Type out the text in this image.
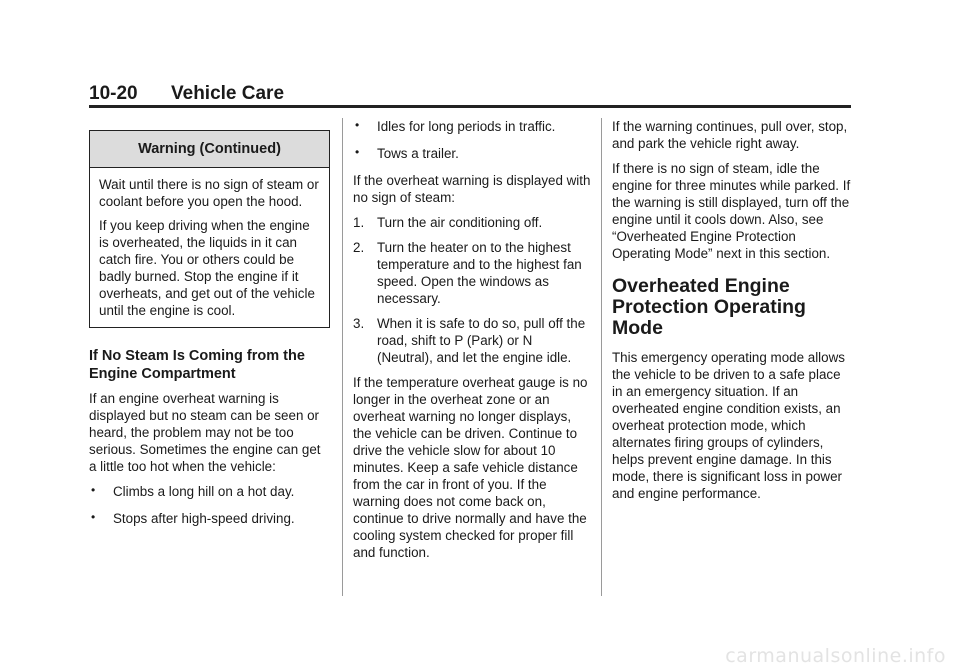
10-20 Vehicle Care
Warning (Continued)

Wait until there is no sign of steam or coolant before you open the hood.

If you keep driving when the engine is overheated, the liquids in it can catch fire. You or others could be badly burned. Stop the engine if it overheats, and get out of the vehicle until the engine is cool.

If No Steam Is Coming from the Engine Compartment

If an engine overheat warning is displayed but no steam can be seen or heard, the problem may not be too serious. Sometimes the engine can get a little too hot when the vehicle:

• Climbs a long hill on a hot day.
• Stops after high-speed driving.
• Idles for long periods in traffic.
• Tows a trailer.

If the overheat warning is displayed with no sign of steam:

1. Turn the air conditioning off.
2. Turn the heater on to the highest temperature and to the highest fan speed. Open the windows as necessary.
3. When it is safe to do so, pull off the road, shift to P (Park) or N (Neutral), and let the engine idle.

If the temperature overheat gauge is no longer in the overheat zone or an overheat warning no longer displays, the vehicle can be driven. Continue to drive the vehicle slow for about 10 minutes. Keep a safe vehicle distance from the car in front of you. If the warning does not come back on, continue to drive normally and have the cooling system checked for proper fill and function.

If the warning continues, pull over, stop, and park the vehicle right away.

If there is no sign of steam, idle the engine for three minutes while parked. If the warning is still displayed, turn off the engine until it cools down. Also, see “Overheated Engine Protection Operating Mode” next in this section.

Overheated Engine Protection Operating Mode

This emergency operating mode allows the vehicle to be driven to a safe place in an emergency situation. If an overheated engine condition exists, an overheat protection mode, which alternates firing groups of cylinders, helps prevent engine damage. In this mode, there is significant loss in power and engine performance.

carmanualsonline.info
